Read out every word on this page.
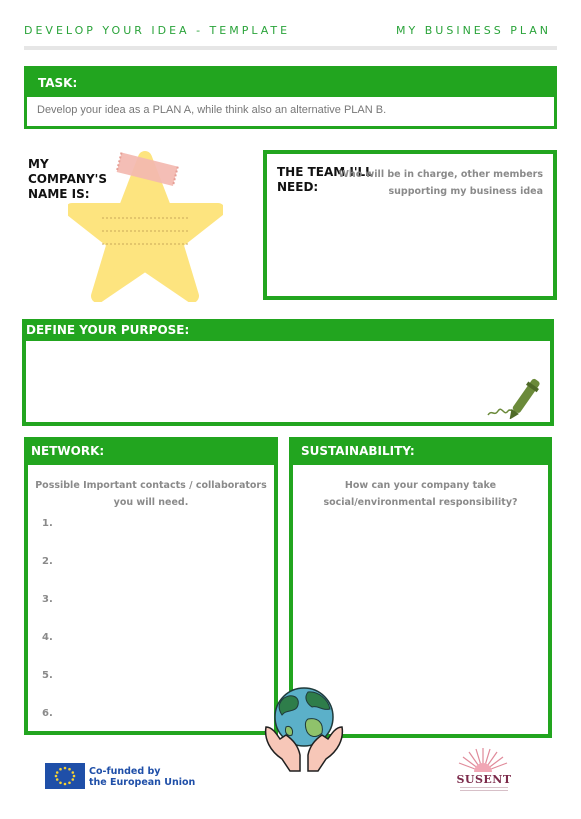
DEVELOP YOUR IDEA - TEMPLATE	MY BUSINESS PLAN
TASK:
Develop your idea as a PLAN A, while think also an alternative PLAN B.
MY
COMPANY'S
NAME IS:
THE TEAM I'LL
NEED:
Who will be in charge, other members
supporting my business idea
DEFINE YOUR PURPOSE:
NETWORK:
Possible Important contacts / collaborators
you will need.
1.
2.
3.
4.
5.
6.
SUSTAINABILITY:
How can your company take
social/environmental responsibility?
Co-funded by
the European Union	SUSENT
